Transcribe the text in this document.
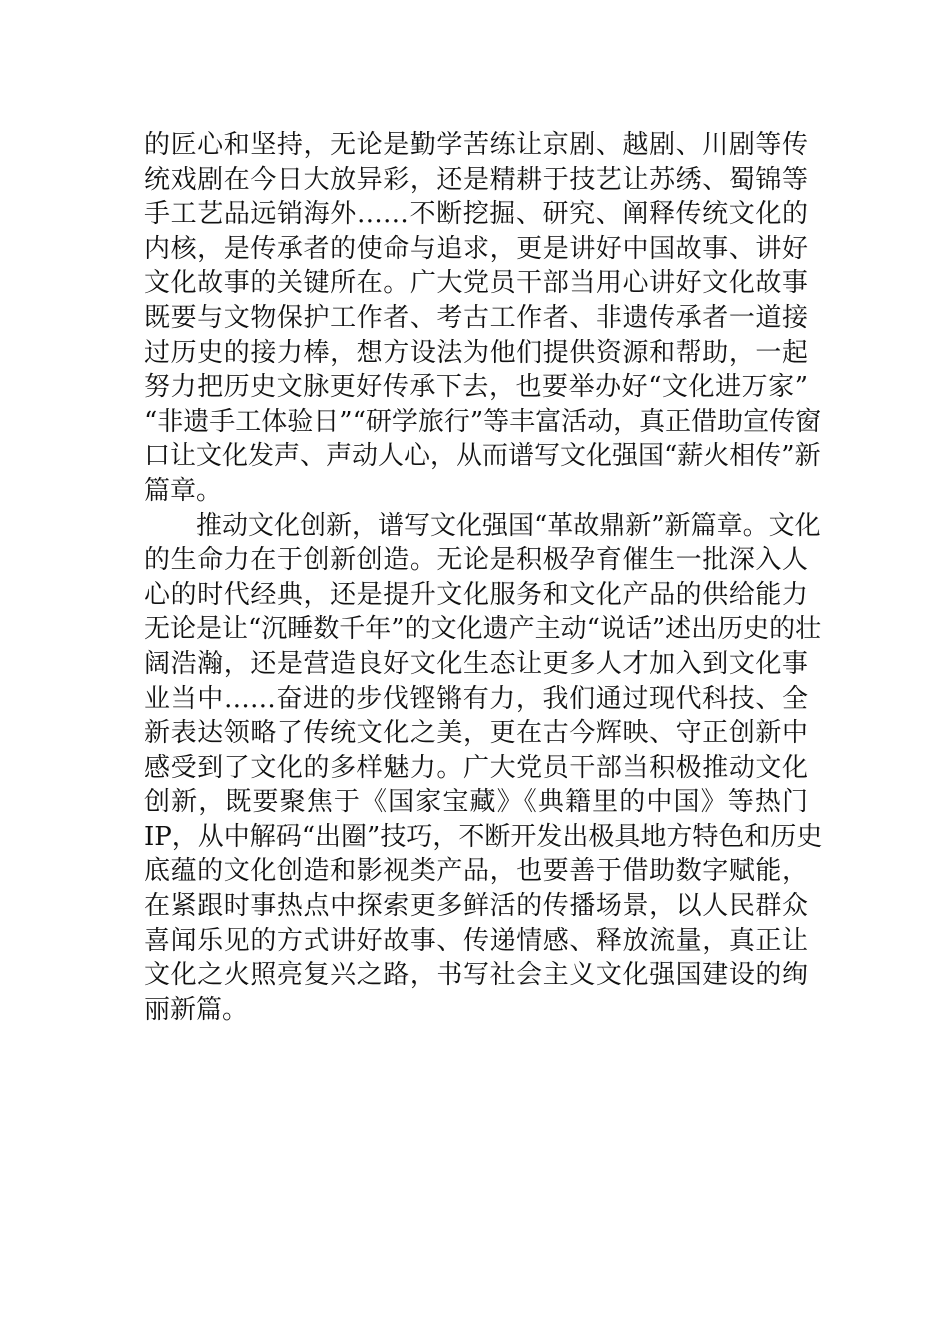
的匠心和坚持，无论是勤学苦练让京剧、越剧、川剧等传
统戏剧在今日大放异彩，还是精耕于技艺让苏绣、蜀锦等
手工艺品远销海外……不断挖掘、研究、阐释传统文化的
内核，是传承者的使命与追求，更是讲好中国故事、讲好
文化故事的关键所在。广大党员干部当用心讲好文化故事
既要与文物保护工作者、考古工作者、非遗传承者一道接
过历史的接力棒，想方设法为他们提供资源和帮助，一起
努力把历史文脉更好传承下去，也要举办好“文化进万家”
“非遗手工体验日”“研学旅行”等丰富活动，真正借助宣传窗
口让文化发声、声动人心，从而谱写文化强国“薪火相传”新
篇章。
推动文化创新，谱写文化强国“革故鼎新”新篇章。文化
的生命力在于创新创造。无论是积极孕育催生一批深入人
心的时代经典，还是提升文化服务和文化产品的供给能力
无论是让“沉睡数千年”的文化遗产主动“说话”述出历史的壮
阔浩瀚，还是营造良好文化生态让更多人才加入到文化事
业当中……奋进的步伐铿锵有力，我们通过现代科技、全
新表达领略了传统文化之美，更在古今辉映、守正创新中
感受到了文化的多样魅力。广大党员干部当积极推动文化
创新，既要聚焦于《国家宝藏》《典籍里的中国》等热门
IP，从中解码“出圈”技巧，不断开发出极具地方特色和历史
底蕴的文化创造和影视类产品，也要善于借助数字赋能，
在紧跟时事热点中探索更多鲜活的传播场景，以人民群众
喜闻乐见的方式讲好故事、传递情感、释放流量，真正让
文化之火照亮复兴之路，书写社会主义文化强国建设的绚
丽新篇。
